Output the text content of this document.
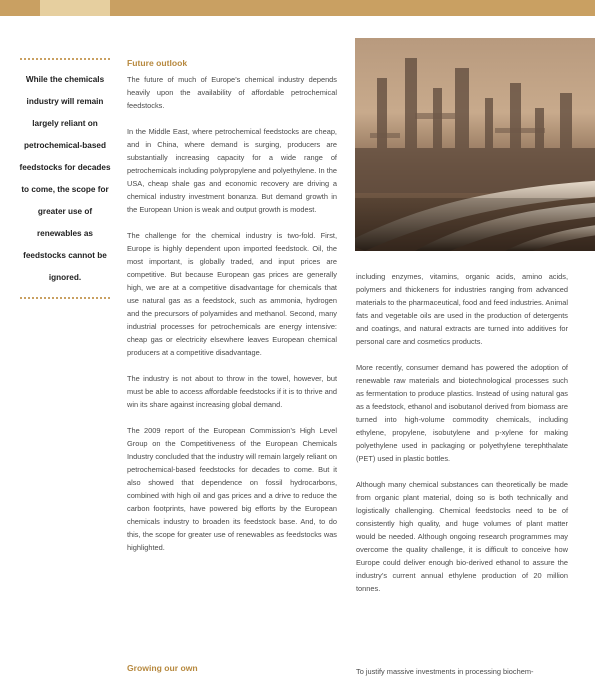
While the chemicals industry will remain largely reliant on petrochemical-based feedstocks for decades to come, the scope for greater use of renewables as feedstocks cannot be ignored.
Future outlook

The future of much of Europe’s chemical industry depends heavily upon the availability of affordable petrochemical feedstocks.

In the Middle East, where petrochemical feedstocks are cheap, and in China, where demand is surging, producers are substantially increasing capacity for a wide range of petrochemicals including polypropylene and polyethylene. In the USA, cheap shale gas and economic recovery are driving a chemical industry investment bonanza. But demand growth in the European Union is weak and output growth is modest.

The challenge for the chemical industry is two-fold. First, Europe is highly dependent upon imported feedstock. Oil, the most important, is globally traded, and input prices are competitive. But because European gas prices are generally high, we are at a competitive disadvantage for chemicals that use natural gas as a feedstock, such as ammonia, hydrogen and the precursors of polyamides and methanol. Second, many industrial processes for petrochemicals are energy intensive: cheap gas or electricity elsewhere leaves European chemical producers at a competitive disadvantage.

The industry is not about to throw in the towel, however, but must be able to access affordable feedstocks if it is to thrive and win its share against increasing global demand.

The 2009 report of the European Commission’s High Level Group on the Competitiveness of the European Chemicals Industry concluded that the industry will remain largely reliant on petrochemical-based feedstocks for decades to come. But it also showed that dependence on fossil hydrocarbons, combined with high oil and gas prices and a drive to reduce the carbon footprints, have powered big efforts by the European chemicals industry to broaden its feedstock base. And, to do this, the scope for greater use of renewables as feedstocks was highlighted.

Growing our own

including enzymes, vitamins, organic acids, amino acids, polymers and thickeners for industries ranging from advanced materials to the pharmaceutical, food and feed industries. Animal fats and vegetable oils are used in the production of detergents and coatings, and natural extracts are turned into additives for personal care and cosmetics products.

More recently, consumer demand has powered the adoption of renewable raw materials and biotechnological processes such as fermentation to produce plastics. Instead of using natural gas as a feedstock, ethanol and isobutanol derived from biomass are turned into high-volume commodity chemicals, including ethylene, propylene, isobutylene and p-xylene for making polyethylene used in packaging or polyethylene terephthalate (PET) used in plastic bottles.

Although many chemical substances can theoretically be made from organic plant material, doing so is both technically and logistically challenging. Chemical feedstocks need to be of consistently high quality, and huge volumes of plant matter would be needed. Although ongoing research programmes may overcome the quality challenge, it is difficult to conceive how Europe could deliver enough bio-derived ethanol to assure the industry’s current annual ethylene production of 20 million tonnes.

To justify massive investments in processing biochem-
